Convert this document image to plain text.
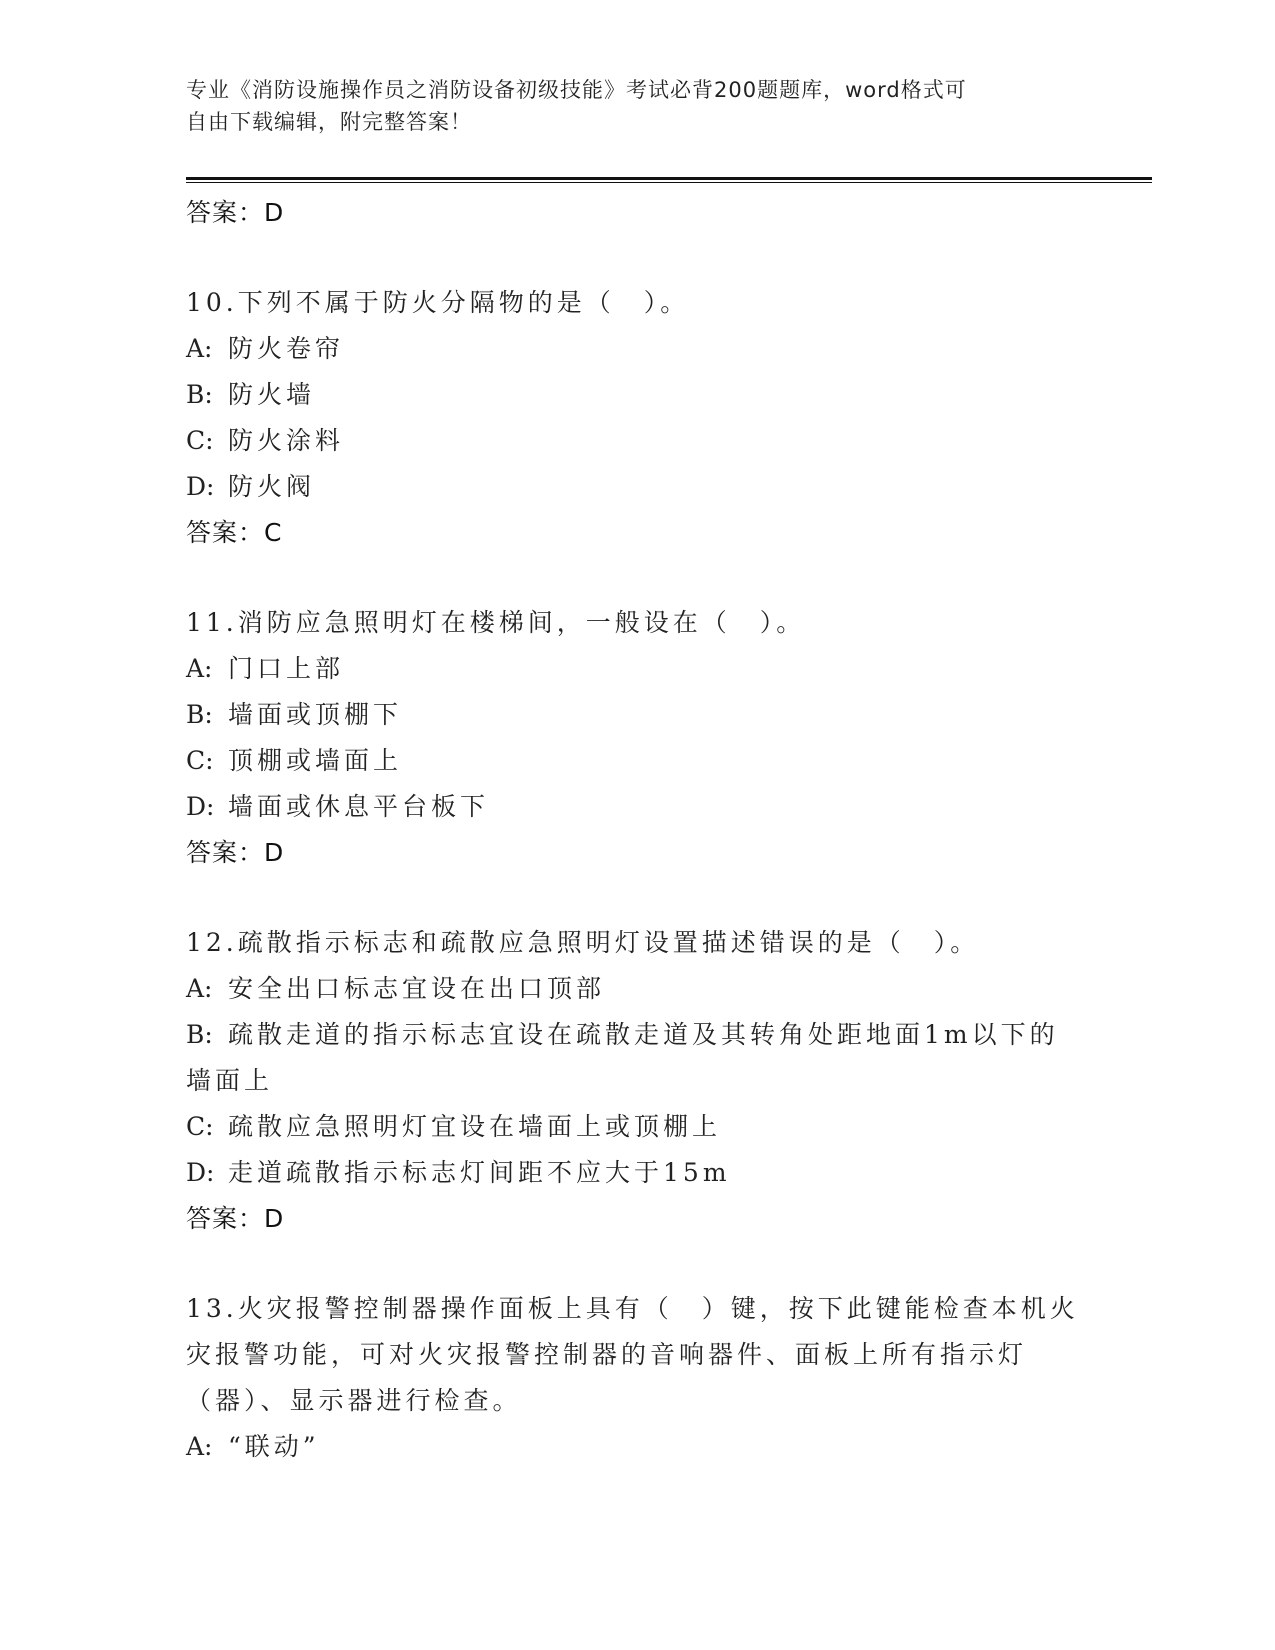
专业《消防设施操作员之消防设备初级技能》考试必背200题题库，word格式可
自由下载编辑，附完整答案！
答案：D
10.下列不属于防火分隔物的是（　）。
A: 防火卷帘
B: 防火墙
C: 防火涂料
D: 防火阀
答案：C
11.消防应急照明灯在楼梯间，一般设在（　）。
A: 门口上部
B: 墙面或顶棚下
C: 顶棚或墙面上
D: 墙面或休息平台板下
答案：D
12.疏散指示标志和疏散应急照明灯设置描述错误的是（　）。
A: 安全出口标志宜设在出口顶部
B: 疏散走道的指示标志宜设在疏散走道及其转角处距地面1m以下的墙面上
C: 疏散应急照明灯宜设在墙面上或顶棚上
D: 走道疏散指示标志灯间距不应大于15m
答案：D
13.火灾报警控制器操作面板上具有（　）键，按下此键能检查本机火灾报警功能，可对火灾报警控制器的音响器件、面板上所有指示灯（器）、显示器进行检查。
A: “联动”
